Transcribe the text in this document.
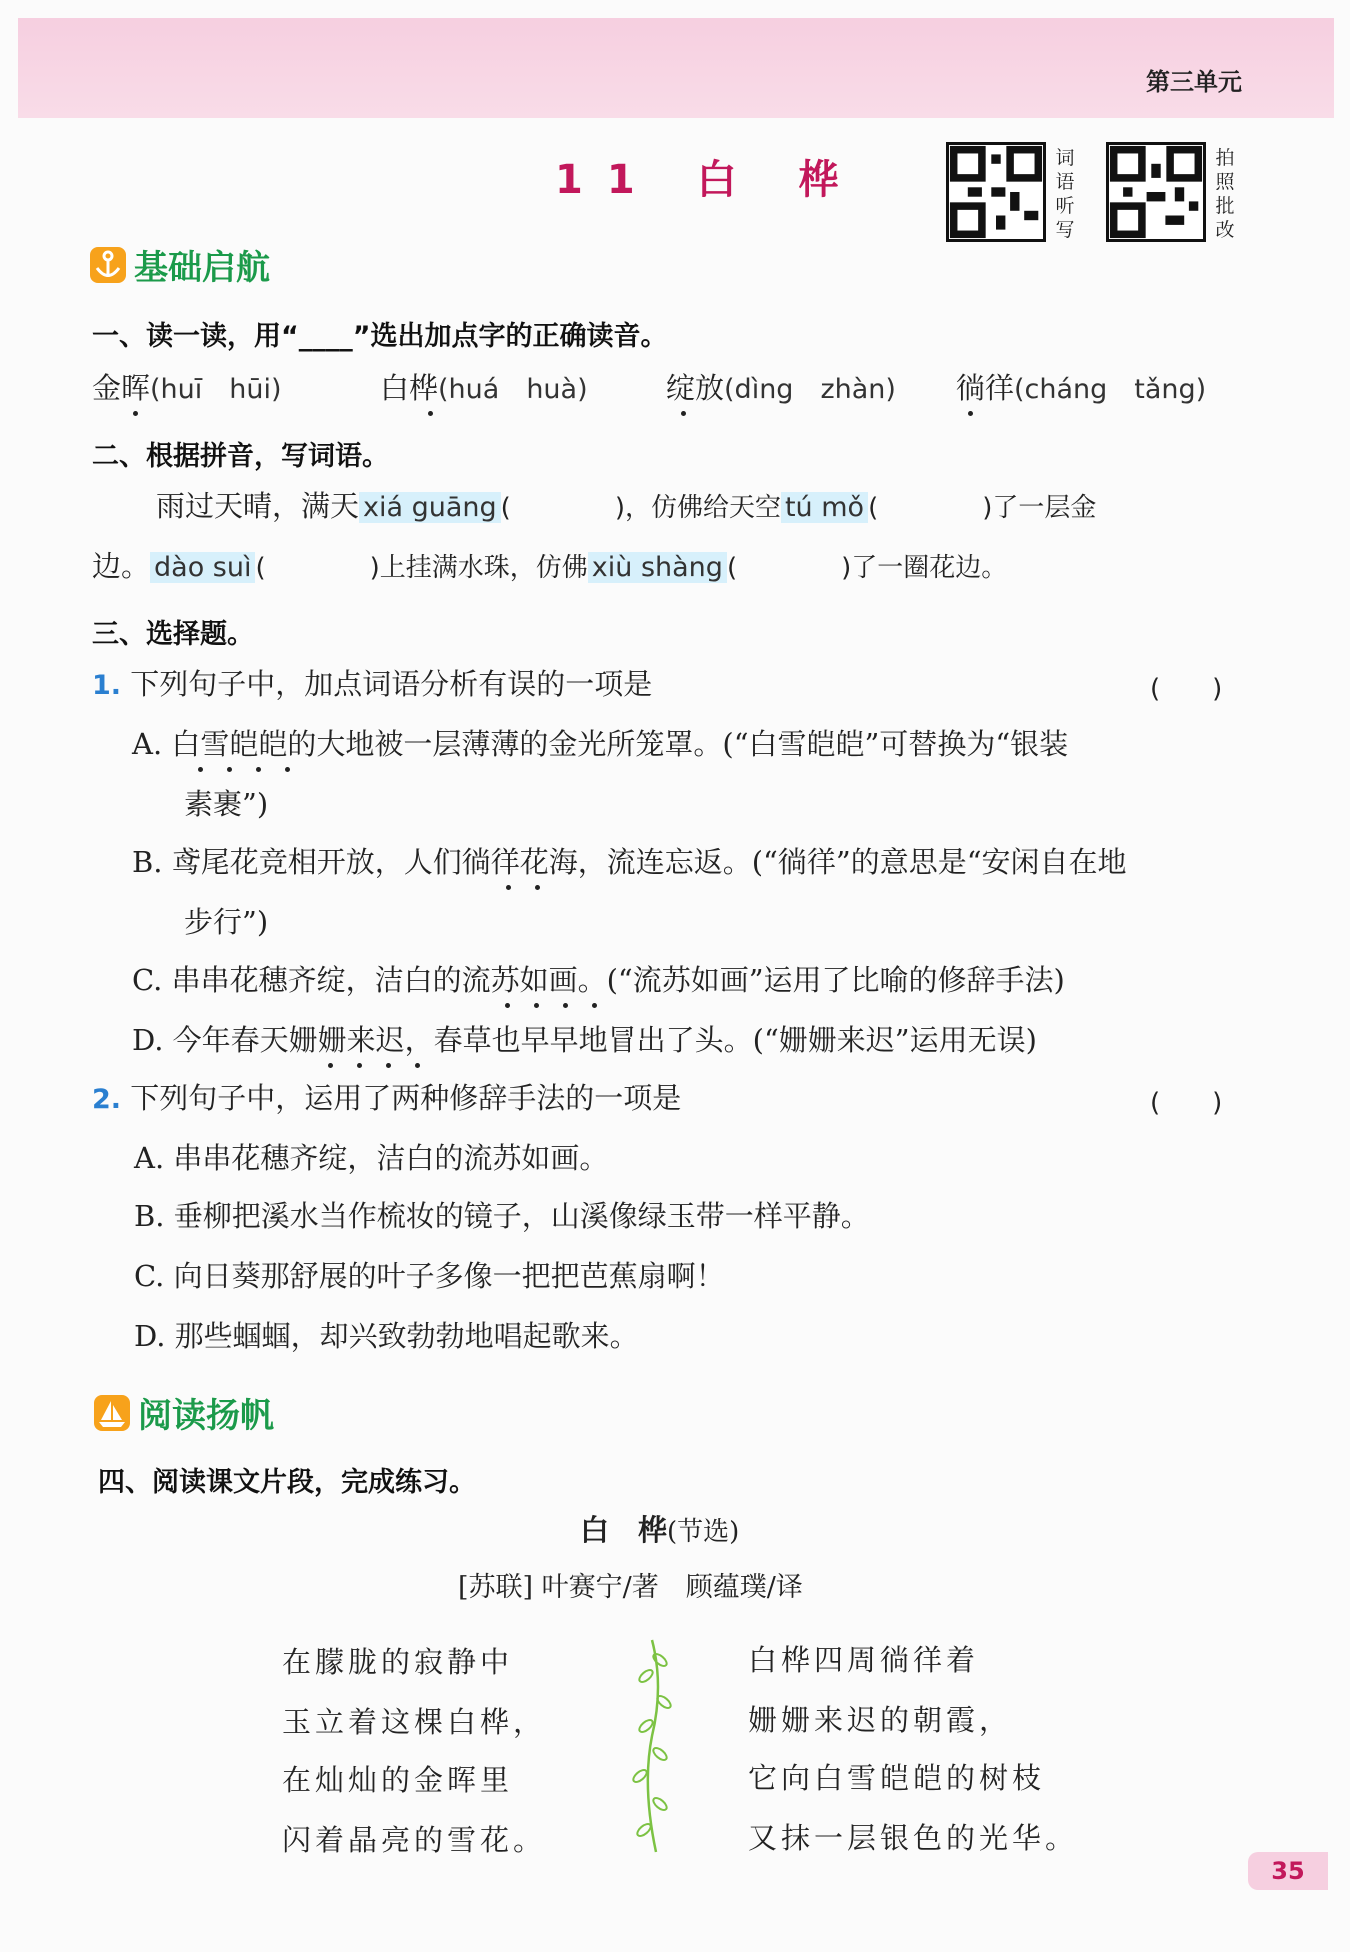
第三单元
11 白 桦	词语听写
拍照批改
基础启航
一、读一读，用“____”选出加点字的正确读音。
金晖(huī　hūi)	白桦(huá　huà)	绽放(dìng　zhàn) 徜徉(cháng　tǎng)
二、根据拼音，写词语。
雨过天晴，满天 xiá guāng (　　　　)，仿佛给天空 tú mǒ (　　　　)了一层金
边。 dào suì (　　　　)上挂满水珠，仿佛 xiù shàng (　　　　)了一圈花边。
三、选择题。
1. 下列句子中，加点词语分析有误的一项是	(　　)
A. 白雪皑皑的大地被一层薄薄的金光所笼罩。(“白雪皑皑”可替换为“银装
素裹”)
B. 鸢尾花竞相开放，人们徜徉花海，流连忘返。(“徜徉”的意思是“安闲自在地
步行”)
C. 串串花穗齐绽，洁白的流苏如画。(“流苏如画”运用了比喻的修辞手法)
D. 今年春天姗姗来迟，春草也早早地冒出了头。(“姗姗来迟”运用无误)
2. 下列句子中，运用了两种修辞手法的一项是	(　　)
A. 串串花穗齐绽，洁白的流苏如画。
B. 垂柳把溪水当作梳妆的镜子，山溪像绿玉带一样平静。
C. 向日葵那舒展的叶子多像一把把芭蕉扇啊！
D. 那些蝈蝈，却兴致勃勃地唱起歌来。
阅读扬帆
四、阅读课文片段，完成练习。
白　桦(节选)
[苏联] 叶赛宁/著　顾蕴璞/译
在朦胧的寂静中
玉立着这棵白桦，
在灿灿的金晖里
闪着晶亮的雪花。
白桦四周徜徉着
姗姗来迟的朝霞，
它向白雪皑皑的树枝
又抹一层银色的光华。
35
